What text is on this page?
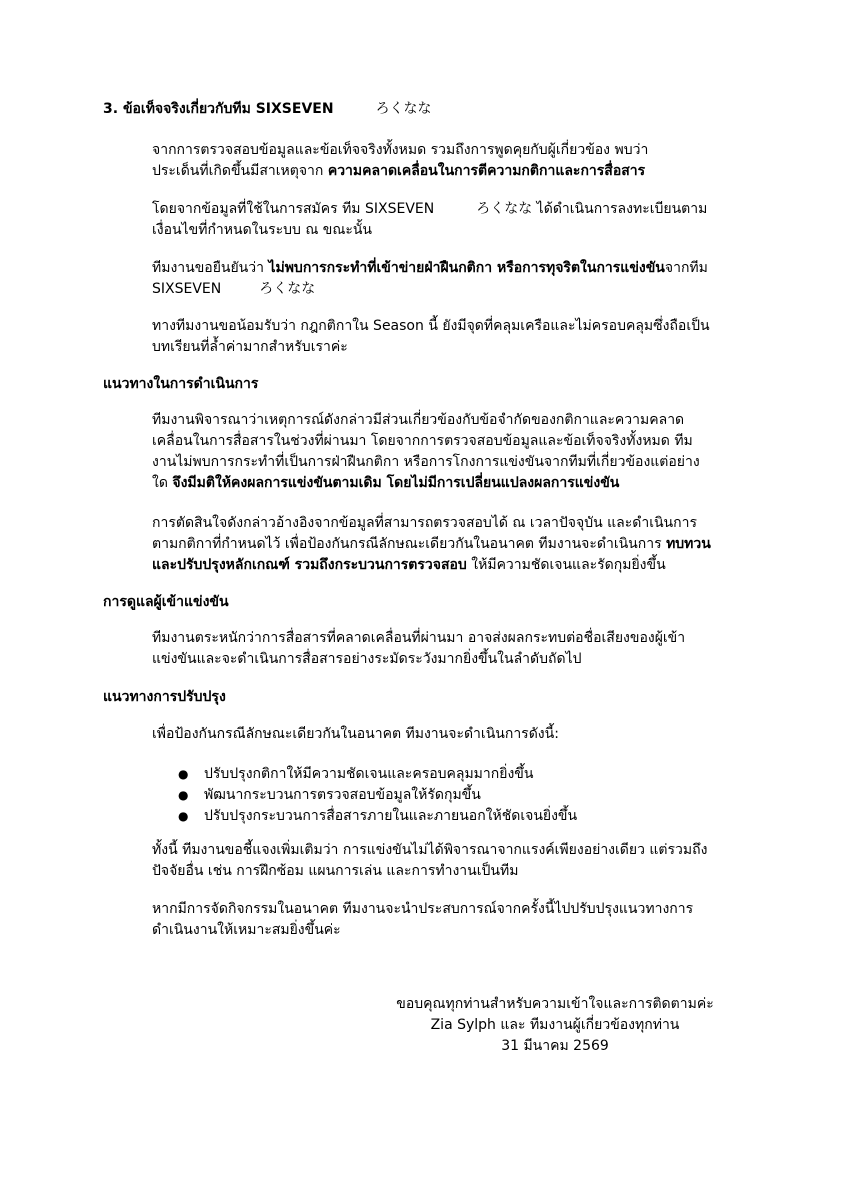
3. ข้อเท็จจริงเกี่ยวกับทีม SIXSEVEN	ろくなな
จากการตรวจสอบข้อมูลและข้อเท็จจริงทั้งหมด รวมถึงการพูดคุยกับผู้เกี่ยวข้อง พบว่า
ประเด็นที่เกิดขึ้นมีสาเหตุจาก ความคลาดเคลื่อนในการตีความกติกาและการสื่อสาร
โดยจากข้อมูลที่ใช้ในการสมัคร ทีม SIXSEVEN	ろくなな ได้ดำเนินการลงทะเบียนตาม
เงื่อนไขที่กำหนดในระบบ ณ ขณะนั้น
ทีมงานขอยืนยันว่า ไม่พบการกระทำที่เข้าข่ายฝ่าฝืนกติกา หรือการทุจริตในการแข่งขันจากทีม
SIXSEVEN	ろくなな
ทางทีมงานขอน้อมรับว่า กฎกติกาใน Season นี้ ยังมีจุดที่คลุมเครือและไม่ครอบคลุมซึ่งถือเป็น
บทเรียนที่ล้ำค่ามากสำหรับเราค่ะ
แนวทางในการดำเนินการ
ทีมงานพิจารณาว่าเหตุการณ์ดังกล่าวมีส่วนเกี่ยวข้องกับข้อจำกัดของกติกาและความคลาด
เคลื่อนในการสื่อสารในช่วงที่ผ่านมา โดยจากการตรวจสอบข้อมูลและข้อเท็จจริงทั้งหมด ทีม
งานไม่พบการกระทำที่เป็นการฝ่าฝืนกติกา หรือการโกงการแข่งขันจากทีมที่เกี่ยวข้องแต่อย่าง
ใด จึงมีมติให้คงผลการแข่งขันตามเดิม โดยไม่มีการเปลี่ยนแปลงผลการแข่งขัน
การตัดสินใจดังกล่าวอ้างอิงจากข้อมูลที่สามารถตรวจสอบได้ ณ เวลาปัจจุบัน และดำเนินการ
ตามกติกาที่กำหนดไว้ เพื่อป้องกันกรณีลักษณะเดียวกันในอนาคต ทีมงานจะดำเนินการ ทบทวน
และปรับปรุงหลักเกณฑ์ รวมถึงกระบวนการตรวจสอบ ให้มีความชัดเจนและรัดกุมยิ่งขึ้น
การดูแลผู้เข้าแข่งขัน
ทีมงานตระหนักว่าการสื่อสารที่คลาดเคลื่อนที่ผ่านมา อาจส่งผลกระทบต่อชื่อเสียงของผู้เข้า
แข่งขันและจะดำเนินการสื่อสารอย่างระมัดระวังมากยิ่งขึ้นในลำดับถัดไป
แนวทางการปรับปรุง
เพื่อป้องกันกรณีลักษณะเดียวกันในอนาคต ทีมงานจะดำเนินการดังนี้:
● ปรับปรุงกติกาให้มีความชัดเจนและครอบคลุมมากยิ่งขึ้น
● พัฒนากระบวนการตรวจสอบข้อมูลให้รัดกุมขึ้น
● ปรับปรุงกระบวนการสื่อสารภายในและภายนอกให้ชัดเจนยิ่งขึ้น
ทั้งนี้ ทีมงานขอชี้แจงเพิ่มเติมว่า การแข่งขันไม่ได้พิจารณาจากแรงค์เพียงอย่างเดียว แต่รวมถึง
ปัจจัยอื่น เช่น การฝึกซ้อม แผนการเล่น และการทำงานเป็นทีม
หากมีการจัดกิจกรรมในอนาคต ทีมงานจะนำประสบการณ์จากครั้งนี้ไปปรับปรุงแนวทางการ
ดำเนินงานให้เหมาะสมยิ่งขึ้นค่ะ
ขอบคุณทุกท่านสำหรับความเข้าใจและการติดตามค่ะ
Zia Sylph และ ทีมงานผู้เกี่ยวข้องทุกท่าน
31 มีนาคม 2569
